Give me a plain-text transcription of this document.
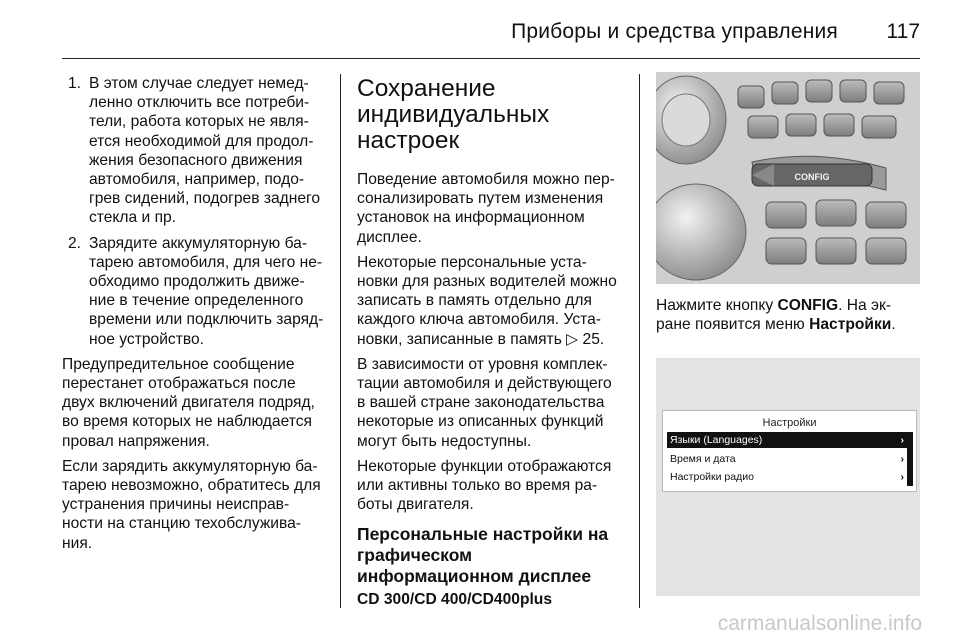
Приборы и средства управления 117
1. В этом случае следует немед-ленно отключить все потреби-тели, работа которых не явля-ется необходимой для продол-жения безопасного движения автомобиля, например, подо-грев сидений, подогрев заднего стекла и пр.
2. Зарядите аккумуляторную ба-тарею автомобиля, для чего не-обходимо продолжить движе-ние в течение определенного времени или подключить заряд-ное устройство.

Предупредительное сообщение перестанет отображаться после двух включений двигателя подряд, во время которых не наблюдается провал напряжения.

Если зарядить аккумуляторную ба-тарею невозможно, обратитесь для устранения причины неисправ-ности на станцию техобслужива-ния.

Сохранение индивидуальных настроек

Поведение автомобиля можно пер-сонализировать путем изменения установок на информационном дисплее.

Некоторые персональные уста-новки для разных водителей можно записать в память отдельно для каждого ключа автомобиля. Уста-новки, записанные в память ▷ 25.

В зависимости от уровня комплек-тации автомобиля и действующего в вашей стране законодательства некоторые из описанных функций могут быть недоступны.

Некоторые функции отображаются или активны только во время ра-боты двигателя.

Персональные настройки на графическом информационном дисплее
CD 300/CD 400/CD400plus
CONFIG

Нажмите кнопку CONFIG. На эк-ране появится меню Настройки.

Настройки
Языки (Languages)	›
Время и дата	›
Настройки радио	›
carmanualsonline.info
